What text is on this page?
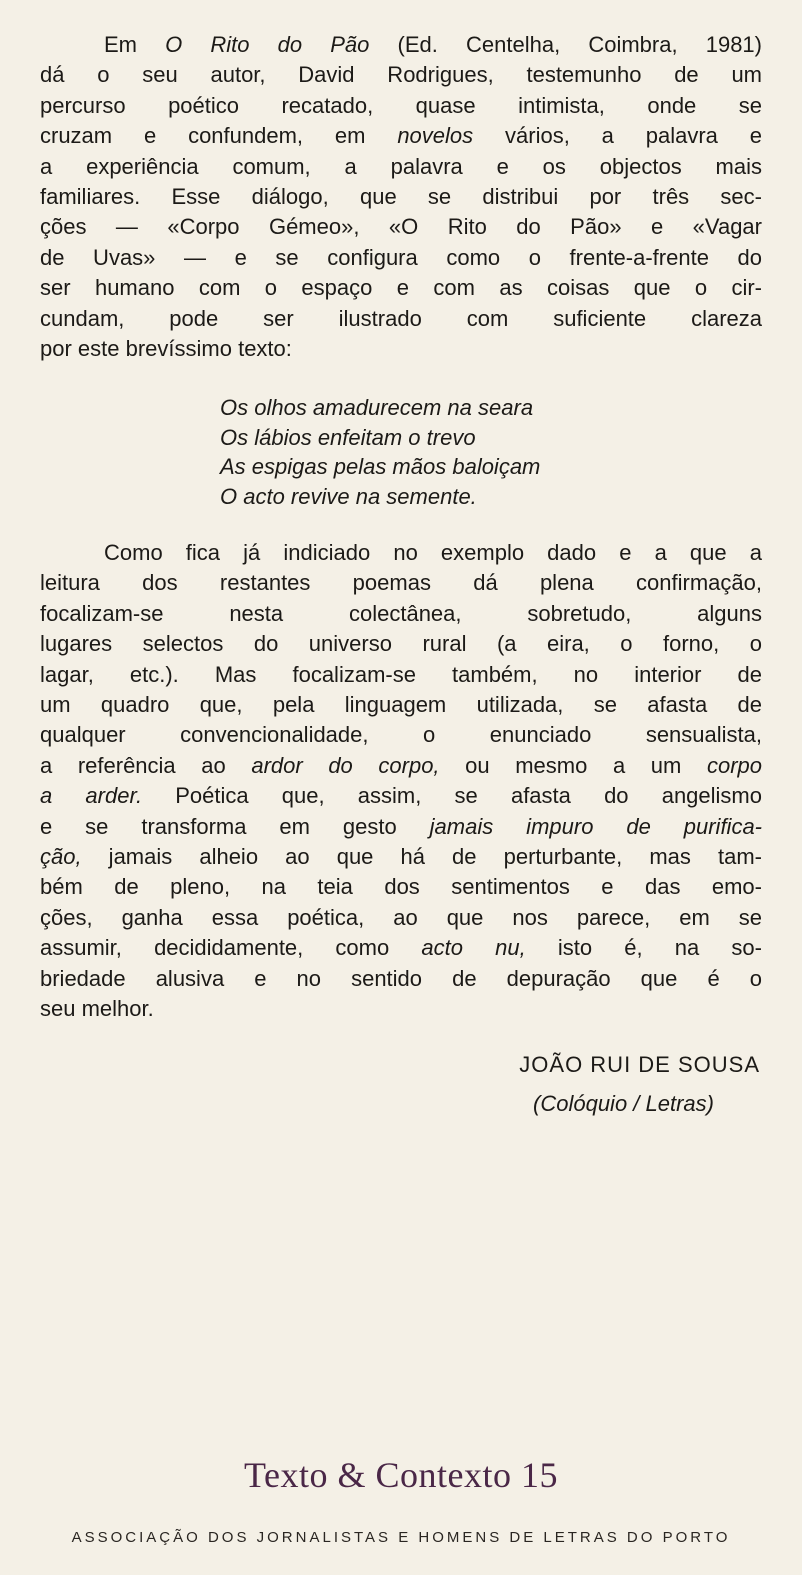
Em O Rito do Pão (Ed. Centelha, Coimbra, 1981)
dá o seu autor, David Rodrigues, testemunho de um
percurso poético recatado, quase intimista, onde se
cruzam e confundem, em novelos vários, a palavra e
a experiência comum, a palavra e os objectos mais
familiares. Esse diálogo, que se distribui por três sec-
ções — «Corpo Gémeo», «O Rito do Pão» e «Vagar
de Uvas» — e se configura como o frente-a-frente do
ser humano com o espaço e com as coisas que o cir-
cundam, pode ser ilustrado com suficiente clareza
por este brevíssimo texto:
Os olhos amadurecem na seara
Os lábios enfeitam o trevo
As espigas pelas mãos baloiçam
O acto revive na semente.
Como fica já indiciado no exemplo dado e a que a
leitura dos restantes poemas dá plena confirmação,
focalizam-se nesta colectânea, sobretudo, alguns
lugares selectos do universo rural (a eira, o forno, o
lagar, etc.). Mas focalizam-se também, no interior de
um quadro que, pela linguagem utilizada, se afasta de
qualquer convencionalidade, o enunciado sensualista,
a referência ao ardor do corpo, ou mesmo a um corpo
a arder. Poética que, assim, se afasta do angelismo
e se transforma em gesto jamais impuro de purifica-
ção, jamais alheio ao que há de perturbante, mas tam-
bém de pleno, na teia dos sentimentos e das emo-
ções, ganha essa poética, ao que nos parece, em se
assumir, decididamente, como acto nu, isto é, na so-
briedade alusiva e no sentido de depuração que é o
seu melhor.
JOÃO RUI DE SOUSA
(Colóquio / Letras)
Texto & Contexto 15
ASSOCIAÇÃO DOS JORNALISTAS E HOMENS DE LETRAS DO PORTO
